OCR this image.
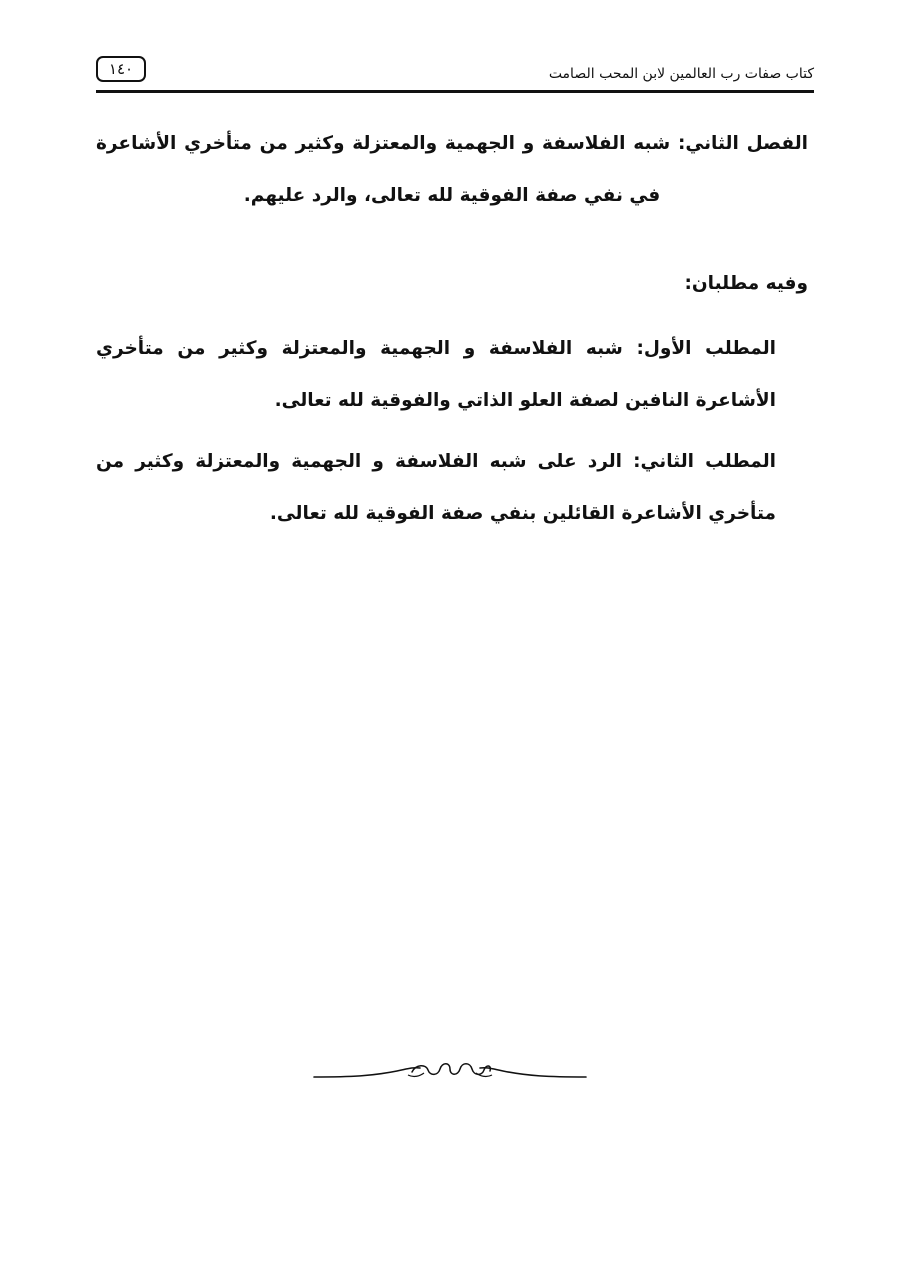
١٤٠	كتاب صفات رب العالمين لابن المحب الصامت
الفصل الثاني: شبه الفلاسفة و الجهمية والمعتزلة وكثير من متأخري الأشاعرة في نفي صفة الفوقية لله تعالى، والرد عليهم.
وفيه مطلبان:
المطلب الأول: شبه الفلاسفة و الجهمية والمعتزلة وكثير من متأخري الأشاعرة النافين لصفة العلو الذاتي والفوقية لله تعالى.
المطلب الثاني: الرد على شبه الفلاسفة و الجهمية والمعتزلة وكثير من متأخري الأشاعرة القائلين بنفي صفة الفوقية لله تعالى.
